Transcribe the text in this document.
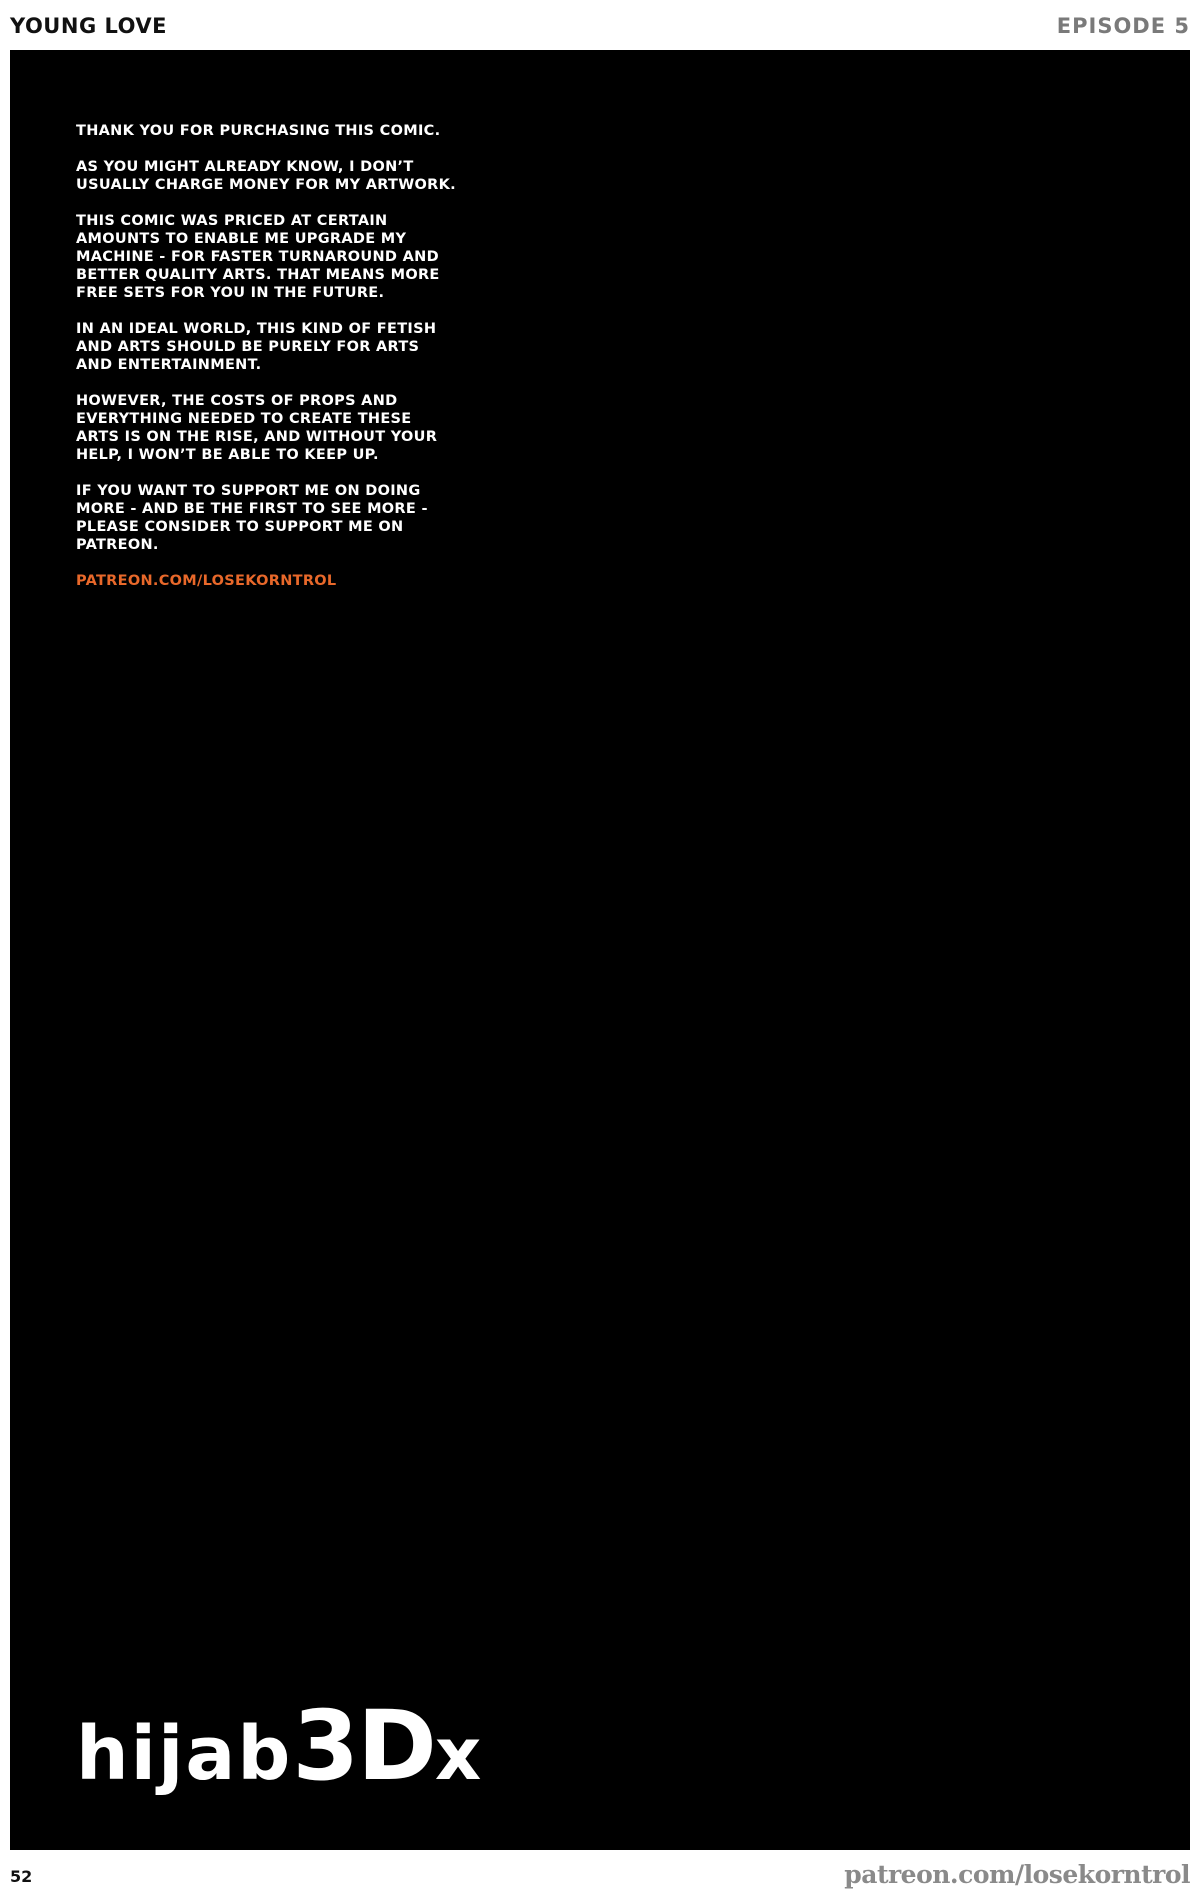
YOUNG LOVE	EPISODE 5

THANK YOU FOR PURCHASING THIS COMIC.

AS YOU MIGHT ALREADY KNOW, I DON’T USUALLY CHARGE MONEY FOR MY ARTWORK.

THIS COMIC WAS PRICED AT CERTAIN AMOUNTS TO ENABLE ME UPGRADE MY MACHINE - FOR FASTER TURNAROUND AND BETTER QUALITY ARTS. THAT MEANS MORE FREE SETS FOR YOU IN THE FUTURE.

IN AN IDEAL WORLD, THIS KIND OF FETISH AND ARTS SHOULD BE PURELY FOR ARTS AND ENTERTAINMENT.

HOWEVER, THE COSTS OF PROPS AND EVERYTHING NEEDED TO CREATE THESE ARTS IS ON THE RISE, AND WITHOUT YOUR HELP, I WON’T BE ABLE TO KEEP UP.

IF YOU WANT TO SUPPORT ME ON DOING MORE - AND BE THE FIRST TO SEE MORE - PLEASE CONSIDER TO SUPPORT ME ON PATREON.

PATREON.COM/LOSEKORNTROL

hijab3Dx
52	patreon.com/losekorntrol
